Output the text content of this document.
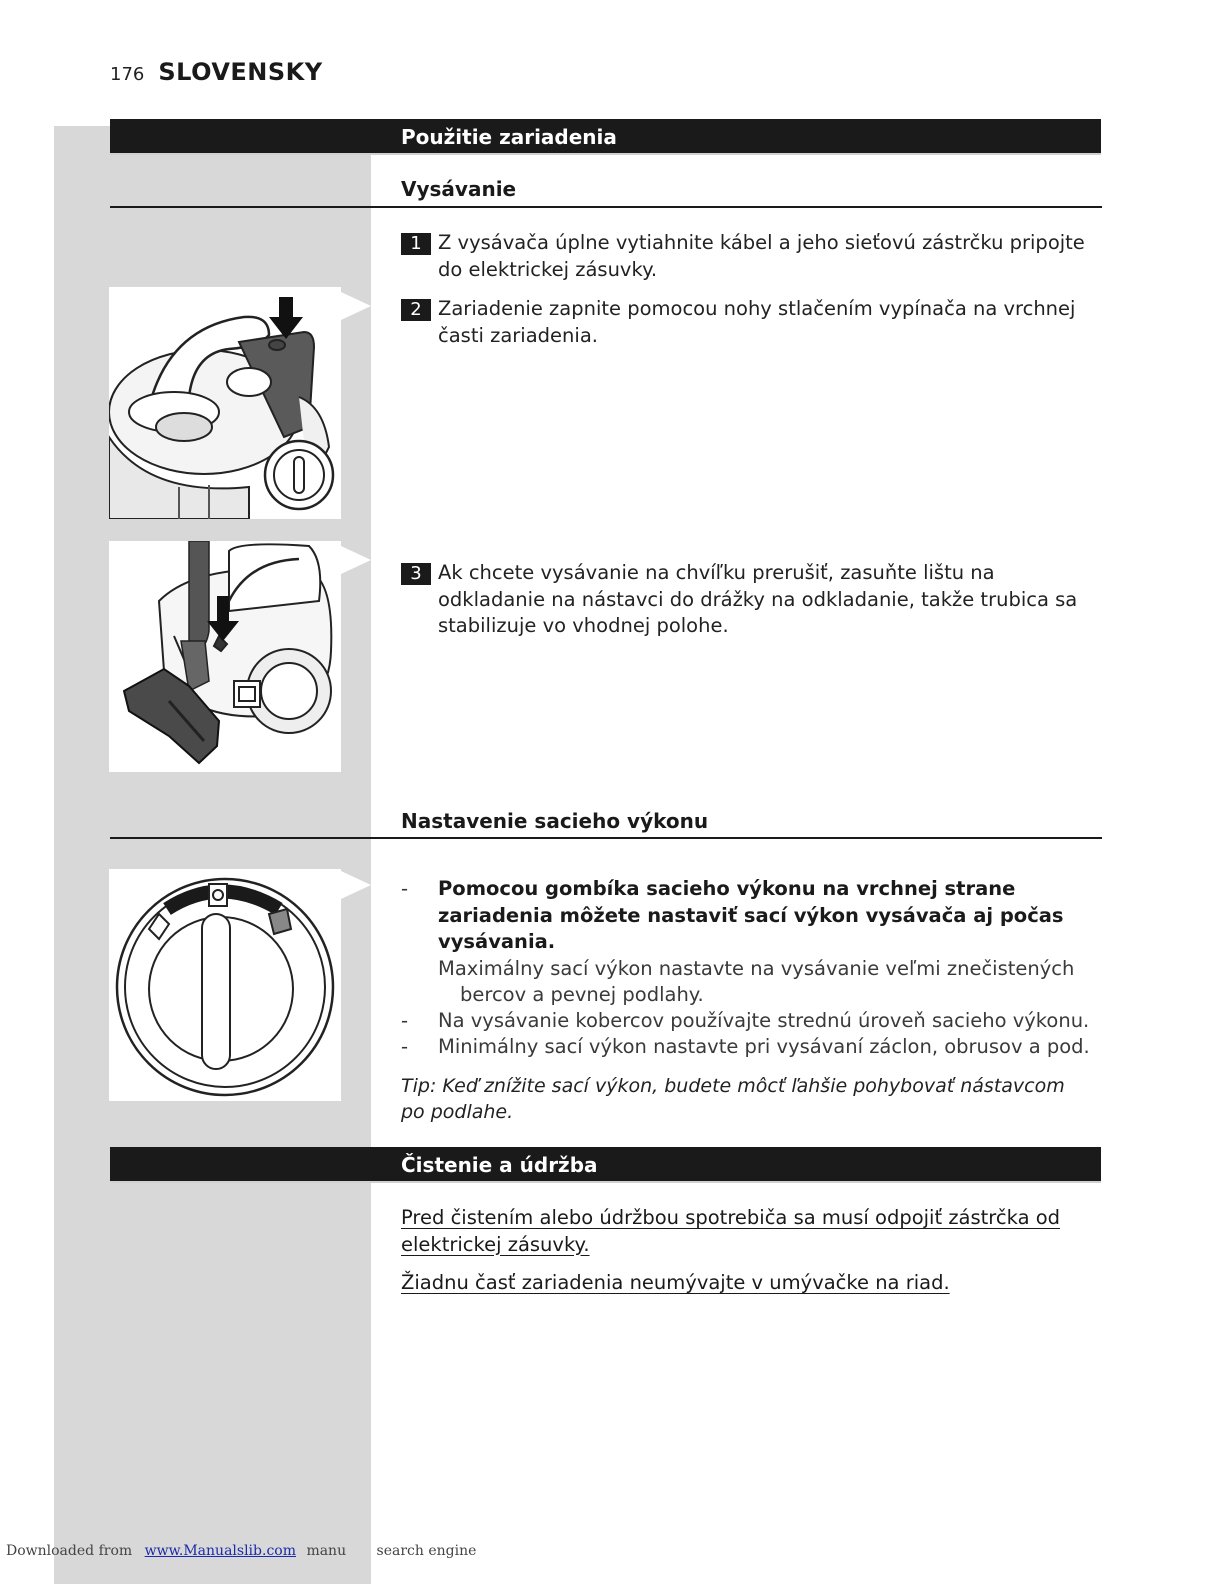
176 SLOVENSKY
Použitie zariadenia
Vysávanie
1 Z vysávača úplne vytiahnite kábel a jeho sieťovú zástrčku pripojte do elektrickej zásuvky.
2 Zariadenie zapnite pomocou nohy stlačením vypínača na vrchnej časti zariadenia.
3 Ak chcete vysávanie na chvíľku prerušiť, zasuňte lištu na odkladanie na nástavci do drážky na odkladanie, takže trubica sa stabilizuje vo vhodnej polohe.
Nastavenie sacieho výkonu
-	Pomocou gombíka sacieho výkonu na vrchnej strane zariadenia môžete nastaviť sací výkon vysávača aj počas vysávania.
Maximálny sací výkon nastavte na vysávanie veľmi znečistených
bercov a pevnej podlahy.
-	Na vysávanie kobercov používajte strednú úroveň sacieho výkonu.
-	Minimálny sací výkon nastavte pri vysávaní záclon, obrusov a pod.
Tip: Keď znížite sací výkon, budete môcť ľahšie pohybovať nástavcom po podlahe.
Čistenie a údržba
Pred čistením alebo údržbou spotrebiča sa musí odpojiť zástrčka od elektrickej zásuvky.
Žiadnu časť zariadenia neumývajte v umývačke na riad.
Downloaded from www.Manualslib.com manu search engine
